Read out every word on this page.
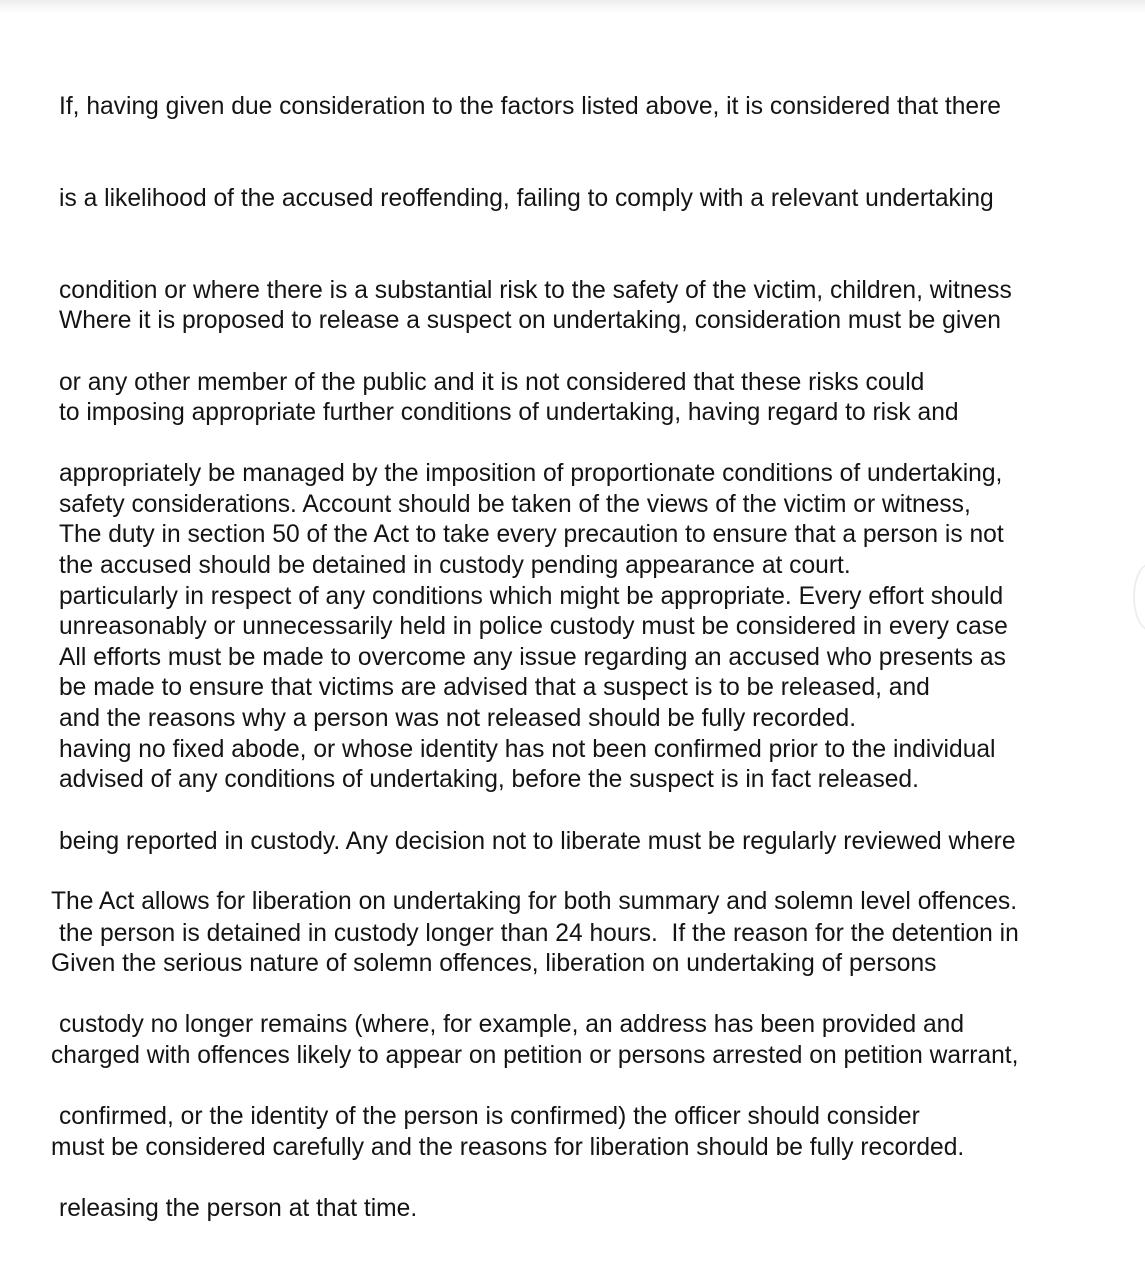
If, having given due consideration to the factors listed above, it is considered that there

is a likelihood of the accused reoffending, failing to comply with a relevant undertaking

condition or where there is a substantial risk to the safety of the victim, children, witness

or any other member of the public and it is not considered that these risks could

appropriately be managed by the imposition of proportionate conditions of undertaking,

the accused should be detained in custody pending appearance at court.

Where it is proposed to release a suspect on undertaking, consideration must be given

to imposing appropriate further conditions of undertaking, having regard to risk and

safety considerations. Account should be taken of the views of the victim or witness,

particularly in respect of any conditions which might be appropriate. Every effort should

be made to ensure that victims are advised that a suspect is to be released, and

advised of any conditions of undertaking, before the suspect is in fact released.

The duty in section 50 of the Act to take every precaution to ensure that a person is not

unreasonably or unnecessarily held in police custody must be considered in every case

and the reasons why a person was not released should be fully recorded.

All efforts must be made to overcome any issue regarding an accused who presents as

having no fixed abode, or whose identity has not been confirmed prior to the individual

being reported in custody. Any decision not to liberate must be regularly reviewed where

the person is detained in custody longer than 24 hours.  If the reason for the detention in

custody no longer remains (where, for example, an address has been provided and

confirmed, or the identity of the person is confirmed) the officer should consider

releasing the person at that time.

The Act allows for liberation on undertaking for both summary and solemn level offences.

Given the serious nature of solemn offences, liberation on undertaking of persons

charged with offences likely to appear on petition or persons arrested on petition warrant,

must be considered carefully and the reasons for liberation should be fully recorded.
